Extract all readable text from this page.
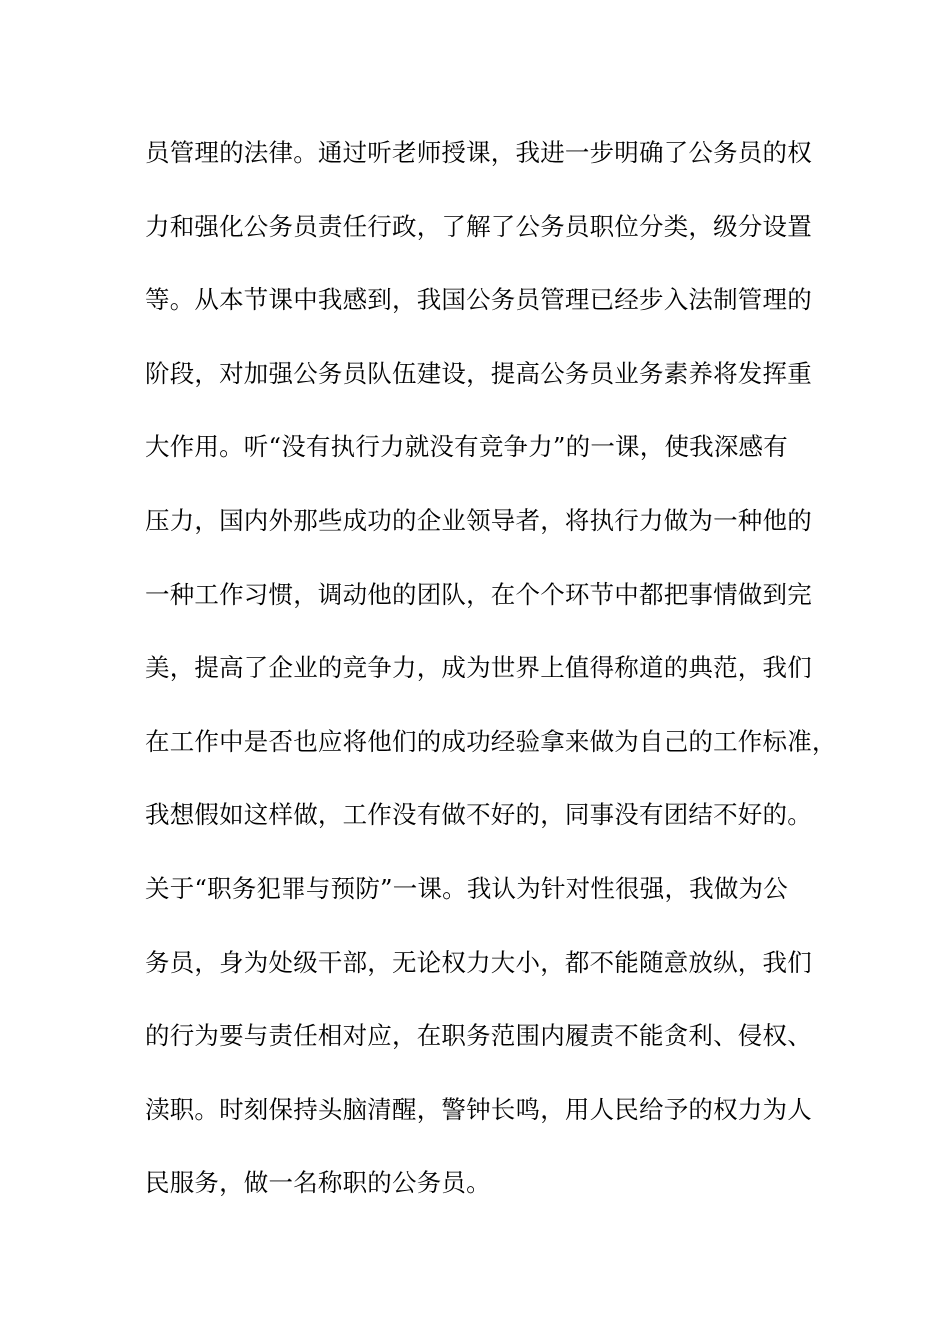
员管理的法律。通过听老师授课，我进一步明确了公务员的权
力和强化公务员责任行政，了解了公务员职位分类，级分设置
等。从本节课中我感到，我国公务员管理已经步入法制管理的
阶段，对加强公务员队伍建设，提高公务员业务素养将发挥重
大作用。听“没有执行力就没有竞争力”的一课，使我深感有
压力，国内外那些成功的企业领导者，将执行力做为一种他的
一种工作习惯，调动他的团队，在个个环节中都把事情做到完
美，提高了企业的竞争力，成为世界上值得称道的典范，我们
在工作中是否也应将他们的成功经验拿来做为自己的工作标准，
我想假如这样做，工作没有做不好的，同事没有团结不好的。
关于“职务犯罪与预防”一课。我认为针对性很强，我做为公
务员，身为处级干部，无论权力大小，都不能随意放纵，我们
的行为要与责任相对应，在职务范围内履责不能贪利、侵权、
渎职。时刻保持头脑清醒，警钟长鸣，用人民给予的权力为人
民服务，做一名称职的公务员。
